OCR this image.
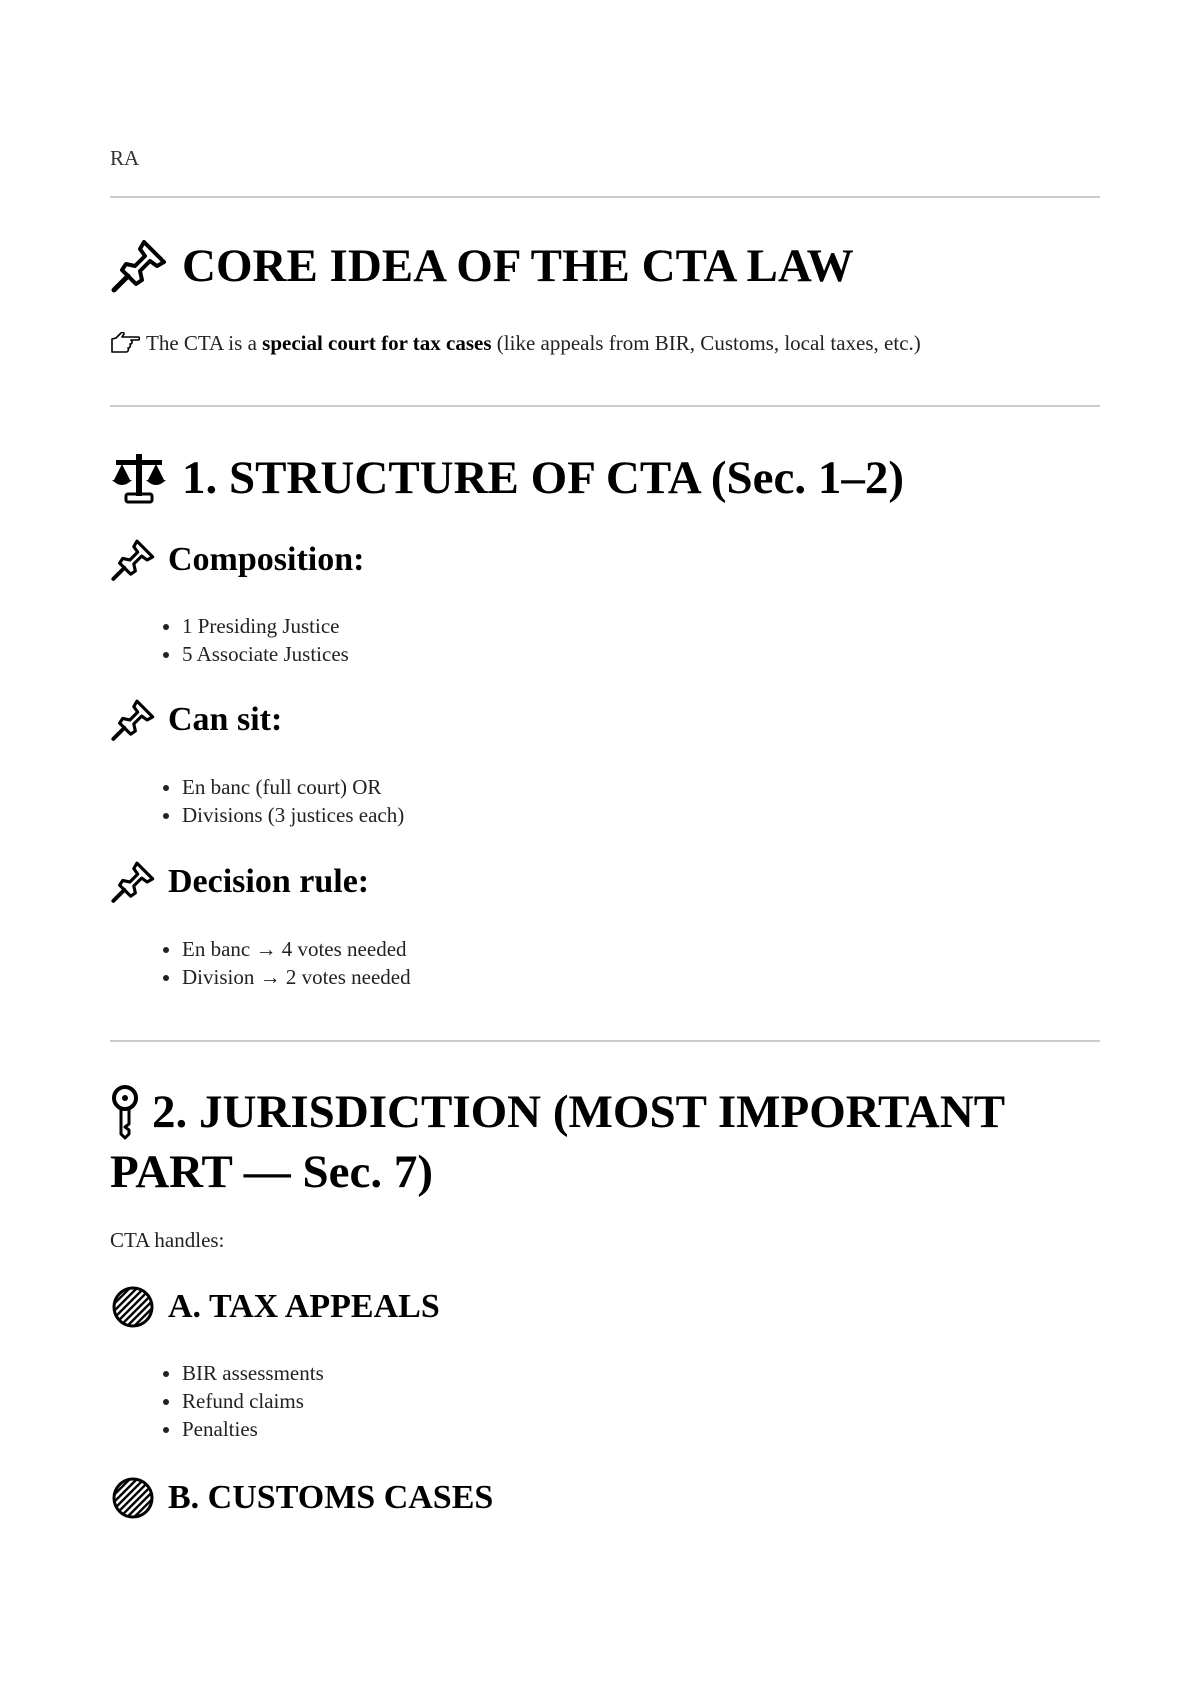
RA
CORE IDEA OF THE CTA LAW
The CTA is a special court for tax cases (like appeals from BIR, Customs, local taxes, etc.)
1. STRUCTURE OF CTA (Sec. 1–2)
Composition:
• 1 Presiding Justice
• 5 Associate Justices
Can sit:
• En banc (full court) OR
• Divisions (3 justices each)
Decision rule:
• En banc → 4 votes needed
• Division → 2 votes needed
2. JURISDICTION (MOST IMPORTANT
PART — Sec. 7)
CTA handles:
A. TAX APPEALS
• BIR assessments
• Refund claims
• Penalties
B. CUSTOMS CASES
